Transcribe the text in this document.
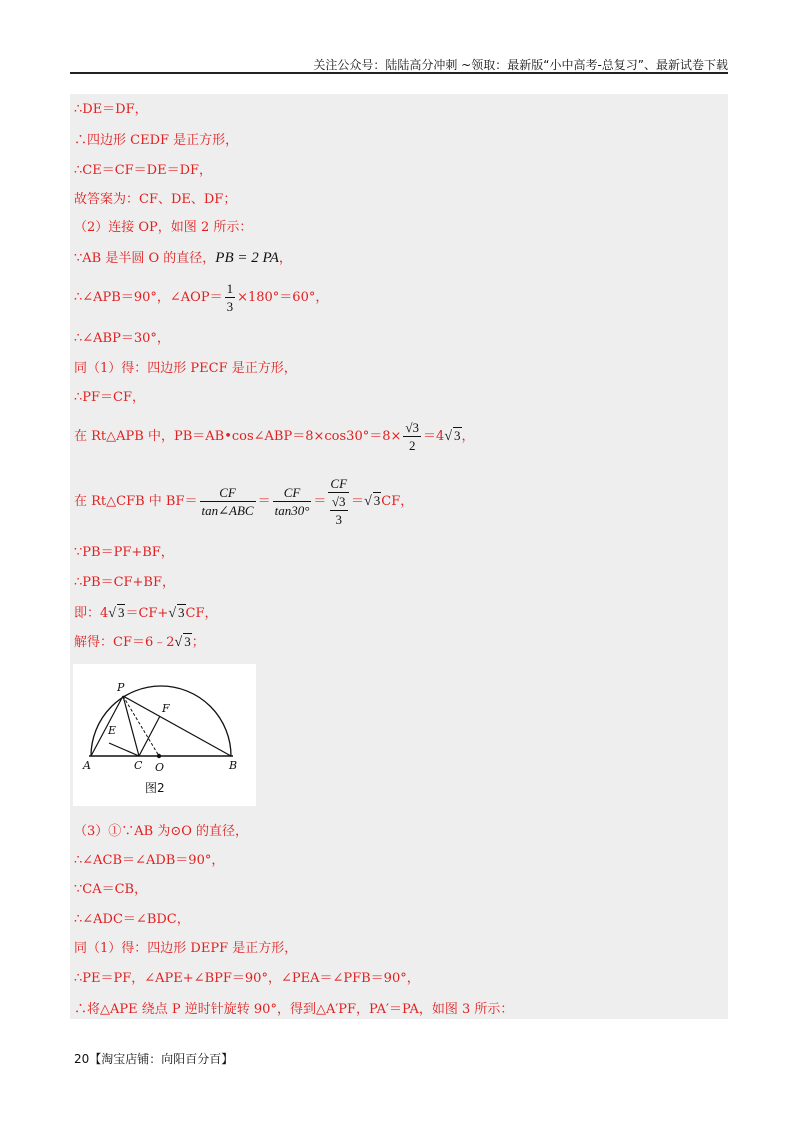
关注公众号：陆陆高分冲刺 ~领取：最新版“小中高考-总复习”、最新试卷下载
∴DE＝DF，
∴四边形 CEDF 是正方形，
∴CE＝CF＝DE＝DF，
故答案为：CF、DE、DF；
（2）连接 OP，如图 2 所示：
∵AB 是半圆 O 的直径，PB = 2 PA，
∴∠APB＝90°，∠AOP＝ $\frac{1}{3} \times 180^\circ=60^\circ$，
∴∠ABP＝30°，
同（1）得：四边形 PECF 是正方形，
∴PF＝CF，
在 Rt△APB 中，PB＝AB•cos∠ABP＝8×cos30°＝8× $\frac{√3}{2} =4√$ 3，
在 Rt△CFB 中 $BF= \frac{CF}{\text{tan∠ABC}} = \frac{CF}{\tan 30^\circ} = \frac{CF}{\frac{√3}{3}}$ ＝√ 3CF，
∵PB＝PF+BF，
∴PB＝CF+BF，
即：4√ 3＝CF+√ 3CF，
解得：CF＝6﹣2√ 3；
P
E
F
A	C O	B
图2
（3）①∵AB 为⊙O 的直径，
∴∠ACB＝∠ADB＝90°，
∵CA＝CB，
∴∠ADC＝∠BDC，
同（1）得：四边形 DEPF 是正方形，
∴PE＝PF，∠APE+∠BPF＝90°，∠PEA＝∠PFB＝90°，
∴将△APE 绕点 P 逆时针旋转 90°，得到△A′PF，PA′＝PA，如图 3 所示：
20【淘宝店铺：向阳百分百】
